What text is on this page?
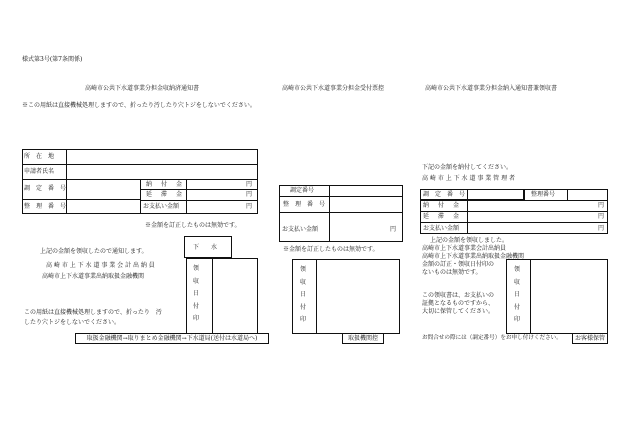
様式第3号(第7条関係)
高崎市公共下水道事業分担金収納済通知書	高崎市公共下水道事業分担金受付票控	高崎市公共下水道事業分担金納入通知書兼領収書
※この用紙は直接機械処理しますので、折ったり汚したり穴トジをしないでください。
所　在　地
申請者氏名
調　定　番　号
整　理　番　号
納　付　金	円
延　滞　金	円
お支払い金額	円
※金額を訂正したものは無効です。
上記の金額を領収したので通知します。
下　　水
高 崎 市 上 下 水 道 事 業 会 計 出 納 員
高崎市上下水道事業出納取扱金融機関
この用紙は直接機械処理しますので、折ったり　汚
したり穴トジをしないでください。
領
収
日
付
印
取扱金融機関→取りまとめ金融機関→下水道局(送付は水道局へ)
調定番号
整　理　番　号
お支払い金額	円
※金額を訂正したものは無効です。
領
収
日
付
印
取扱機関控
下記の金額を納付してください。
高 崎 市 上 下 水 道 事 業 管 理 者
調　定　番　号	整理番号
納　付　金	円
延　滞　金	円
お支払い金額	円
上記の金額を領収しました。
高崎市上下水道事業会計出納員
高崎市上下水道事業出納取扱金融機関
金額の訂正・領収日付印の
ないものは無効です。
この領収書は、お支払いの
証拠となるものですから、
大切に保管してください。
領
収
日
付
印
お問合せの際には（調定番号）をお申し付けください。	お客様保管
